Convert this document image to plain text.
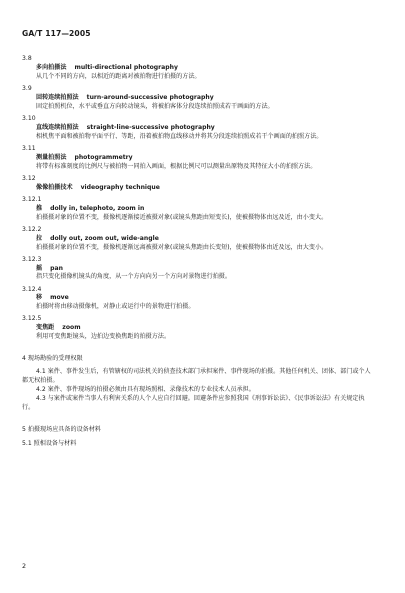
GA/T 117—2005
3.8
多向拍摄法 multi-directional photography
从几个不同的方向，以相近的距离对被拍物进行拍摄的方法。
3.9
回转连续拍照法 turn-around-successive photography
固定拍照机位，水平或垂直方向转动镜头，将被拍客体分段连续拍照成若干画面的方法。
3.10
直线连续拍照法 straight-line-successive photography
相机焦平面和被拍物平面平行、等距，沿着被拍物直线移动并将其分段连续拍照成若干个画面的拍照方法。
3.11
测量拍照法 photogrammetry
将带有标准刻度的比例尺与被拍物一同拍入画面，根据比例尺可以测量出原物及其特征大小的拍照方法。
3.12
像像拍摄技术 videography technique
3.12.1
推 dolly in, telephoto, zoom in
拍摄摄对象的位置不变，摄像机逐渐接近被摄对象(或镜头焦距由短变长)，使被摄物体由远及近，由小变大。
3.12.2
拉 dolly out, zoom out, wide-angle
拍摄摄对象的位置不变，摄像机逐渐远离被摄对象(或镜头焦距由长变短)，使被摄物体由近及远，由大变小。
3.12.3
摇 pan
指只变化摄像机镜头的角度，从一个方向向另一个方向对景物进行拍摄。
3.12.4
移 move
拍摄时将由移动摄像机，对静止或运行中的景物进行拍摄。
3.12.5
变焦距 zoom
利用可变焦距镜头，边拍边变换焦距的拍摄方法。
4 现场勘验的受理权限
4.1 案件、事件发生后，有管辖权的司法机关的侦查技术部门承担案件、事件现场的拍摄。其他任何机关、团体、部门或个人都无权拍摄。
4.2 案件、事件现场的拍摄必须由具有现场照相、录像技术的专业技术人员承担。
4.3 与案件或案件当事人有利害关系的人个人应自行回避。回避条件应参照我国《刑事诉讼法》、《民事诉讼法》有关规定执行。
5 拍摄现场应具备的设备材料
5.1 照相设备与材料
2
